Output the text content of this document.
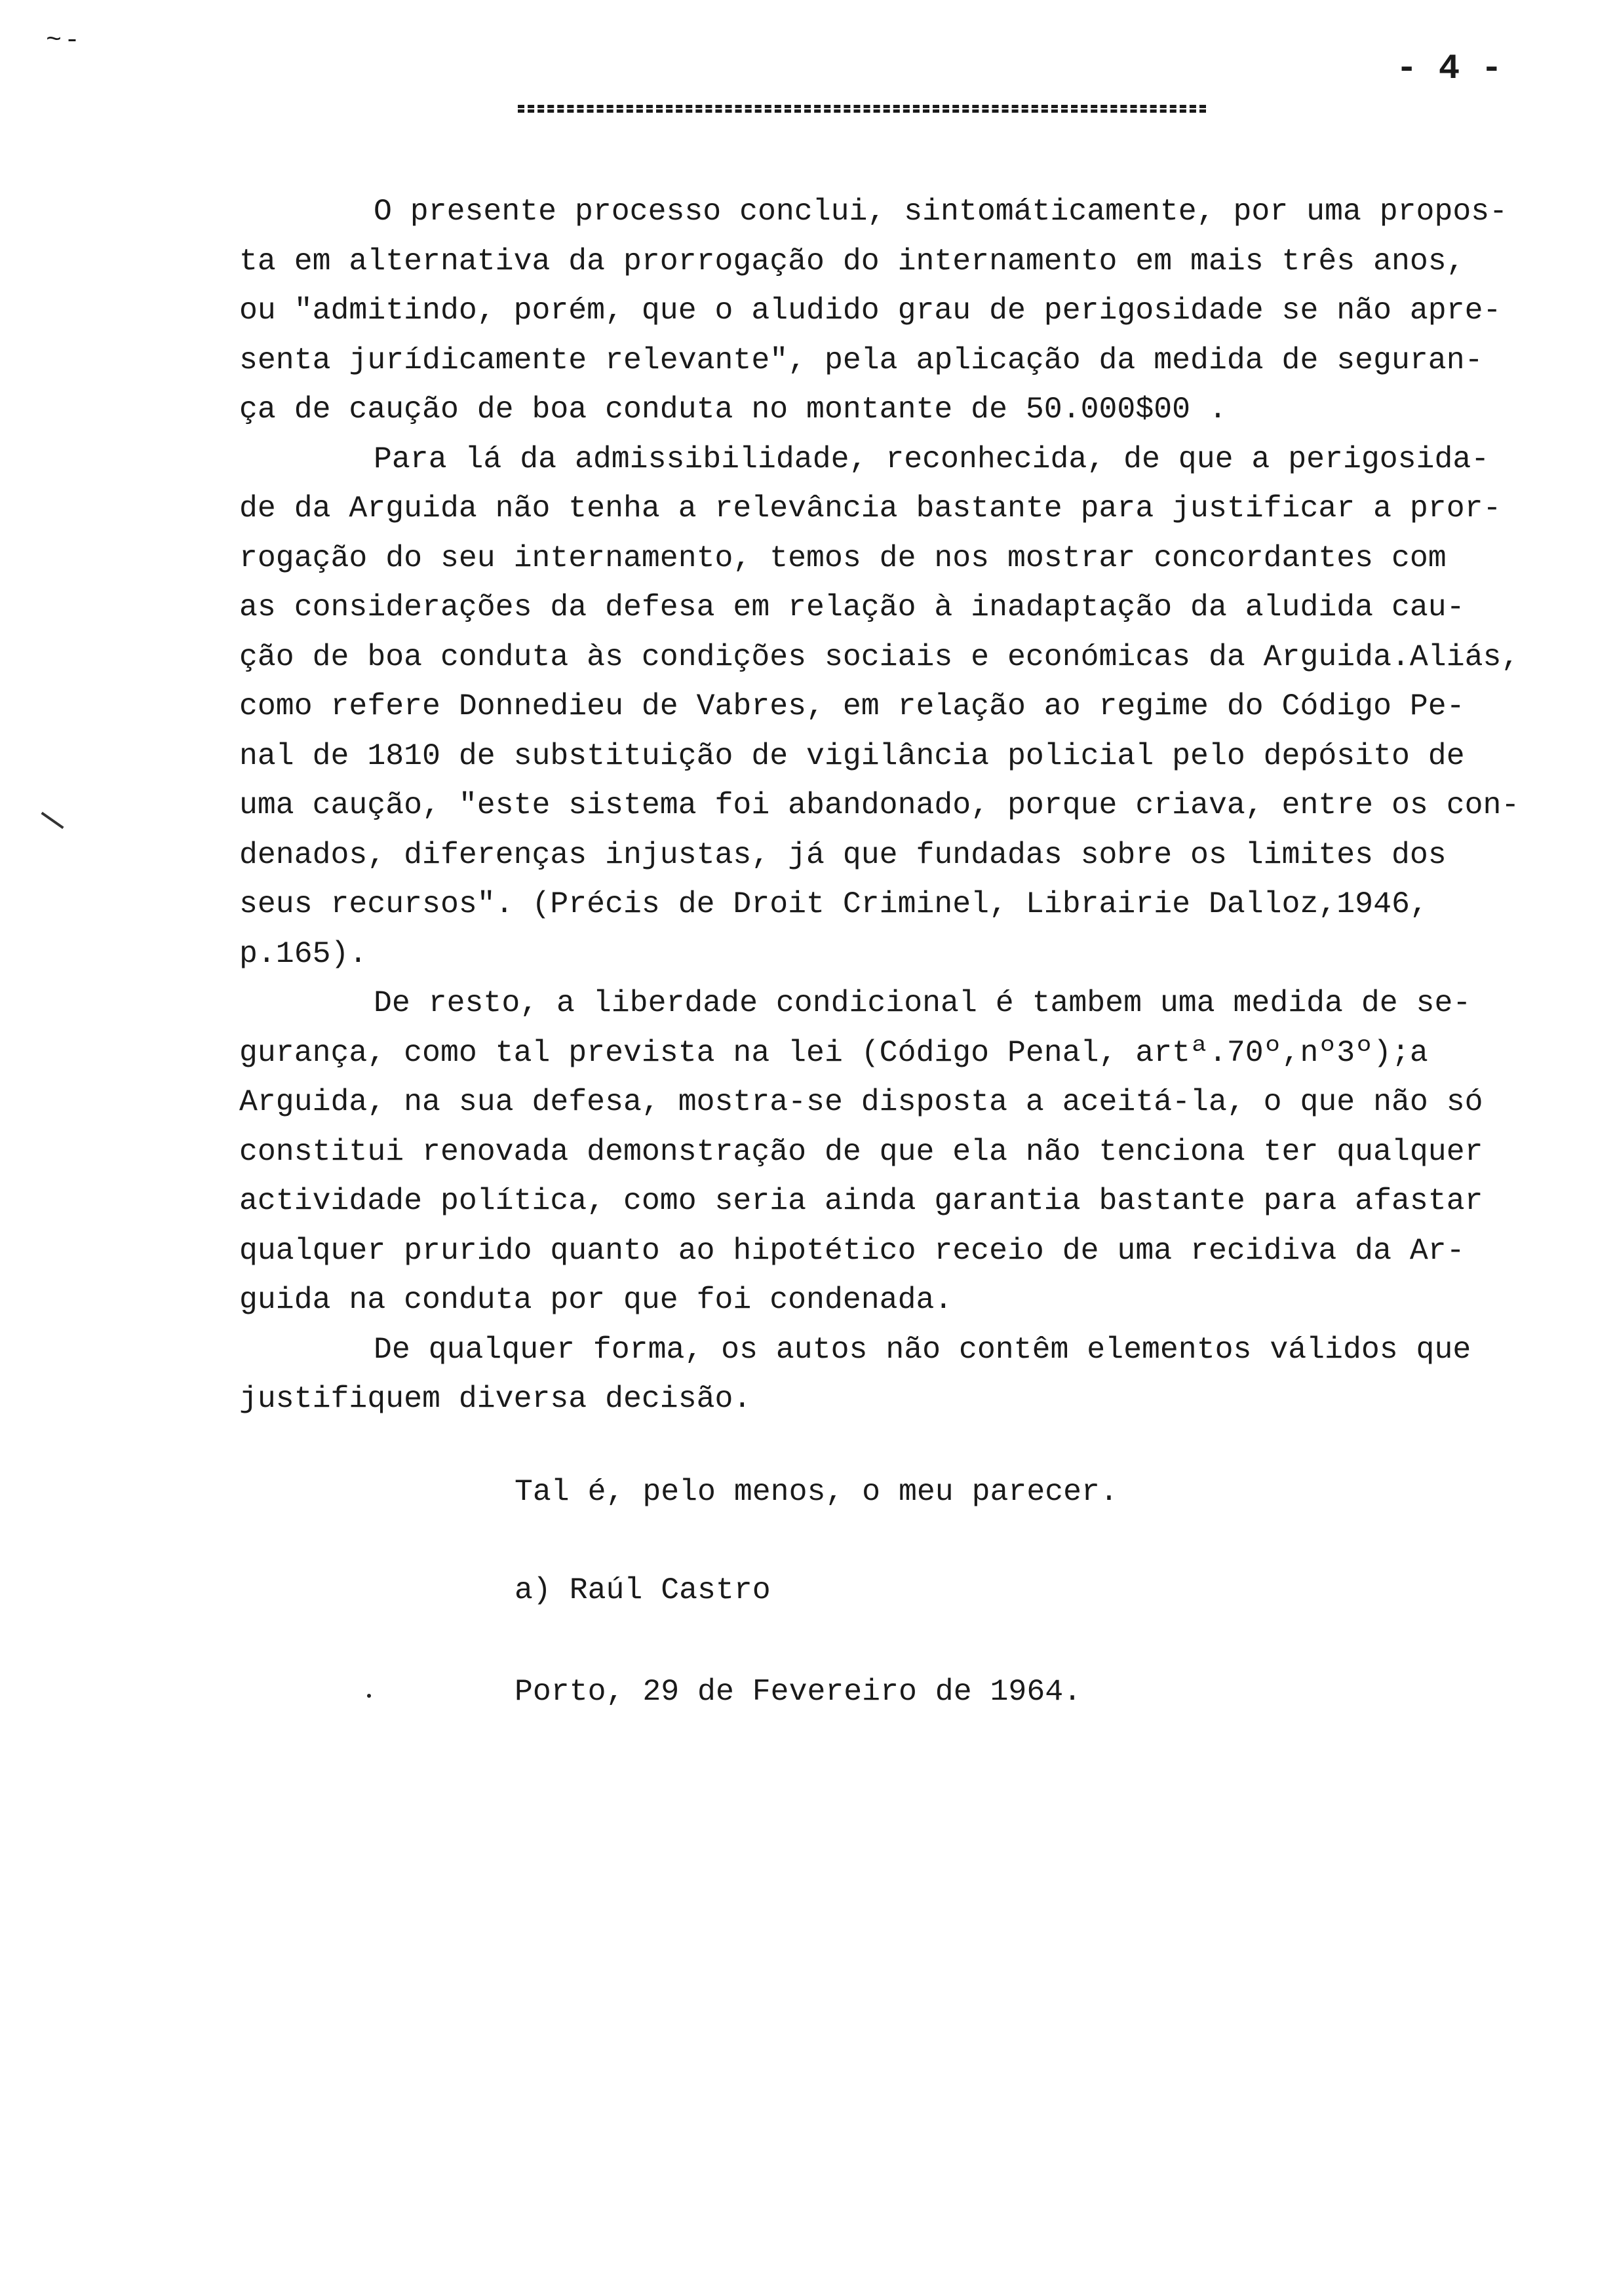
~-
- 4 -
O presente processo conclui, sintomáticamente, por uma propos-
ta em alternativa da prorrogação do internamento em mais três anos,
ou "admitindo, porém, que o aludido grau de perigosidade se não apre-
senta jurídicamente relevante", pela aplicação da medida de seguran-
ça de caução de boa conduta no montante de 50.000$00 .
Para lá da admissibilidade, reconhecida, de que a perigosida-
de da Arguida não tenha a relevância bastante para justificar a pror-
rogação do seu internamento, temos de nos mostrar concordantes com
as considerações da defesa em relação à inadaptação da aludida cau-
ção de boa conduta às condições sociais e económicas da Arguida.Aliás,
como refere Donnedieu de Vabres, em relação ao regime do Código Pe-
nal de 1810 de substituição de vigilância policial pelo depósito de
uma caução, "este sistema foi abandonado, porque criava, entre os con-
denados, diferenças injustas, já que fundadas sobre os limites dos
seus recursos". (Précis de Droit Criminel, Librairie Dalloz,1946,
p.165).
De resto, a liberdade condicional é tambem uma medida de se-
gurança, como tal prevista na lei (Código Penal, artª.70º,nº3º);a
Arguida, na sua defesa, mostra-se disposta a aceitá-la, o que não só
constitui renovada demonstração de que ela não tenciona ter qualquer
actividade política, como seria ainda garantia bastante para afastar
qualquer prurido quanto ao hipotético receio de uma recidiva da Ar-
guida na conduta por que foi condenada.
De qualquer forma, os autos não contêm elementos válidos que
justifiquem diversa decisão.
Tal é, pelo menos, o meu parecer.
a) Raúl Castro
Porto, 29 de Fevereiro de 1964.
